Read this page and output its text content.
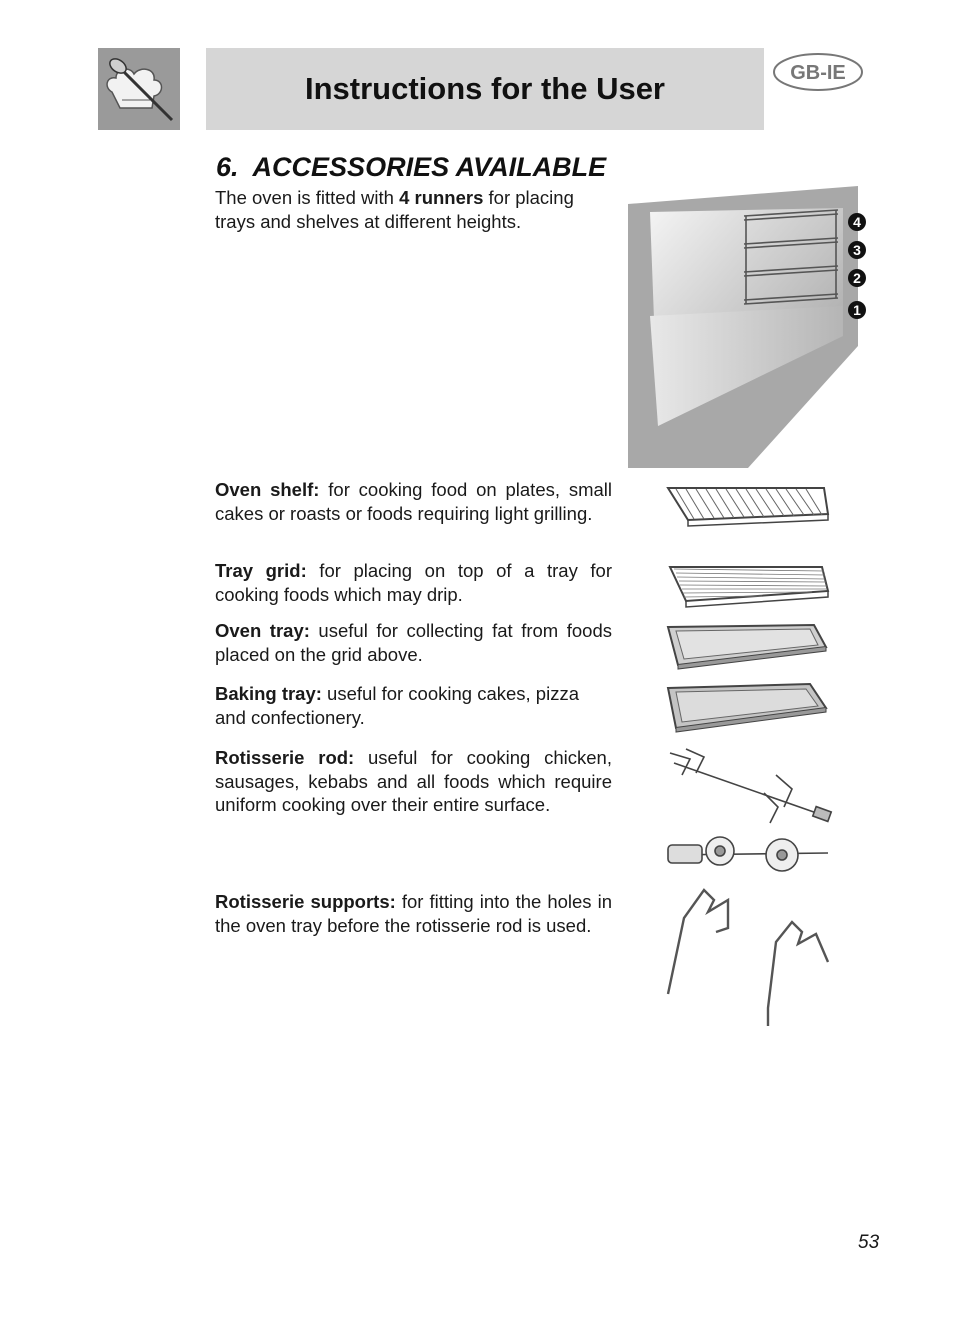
Instructions for the User	GB-IE
6. ACCESSORIES AVAILABLE

The oven is fitted with 4 runners for placing trays and shelves at different heights.	4
3
2
1

Oven shelf: for cooking food on plates, small cakes or roasts or foods requiring light grilling.

Tray grid: for placing on top of a tray for cooking foods which may drip.

Oven tray: useful for collecting fat from foods placed on the grid above.

Baking tray: useful for cooking cakes, pizza and confectionery.

Rotisserie rod: useful for cooking chicken, sausages, kebabs and all foods which require uniform cooking over their entire surface.

Rotisserie supports: for fitting into the holes in the oven tray before the rotisserie rod is used.

53
